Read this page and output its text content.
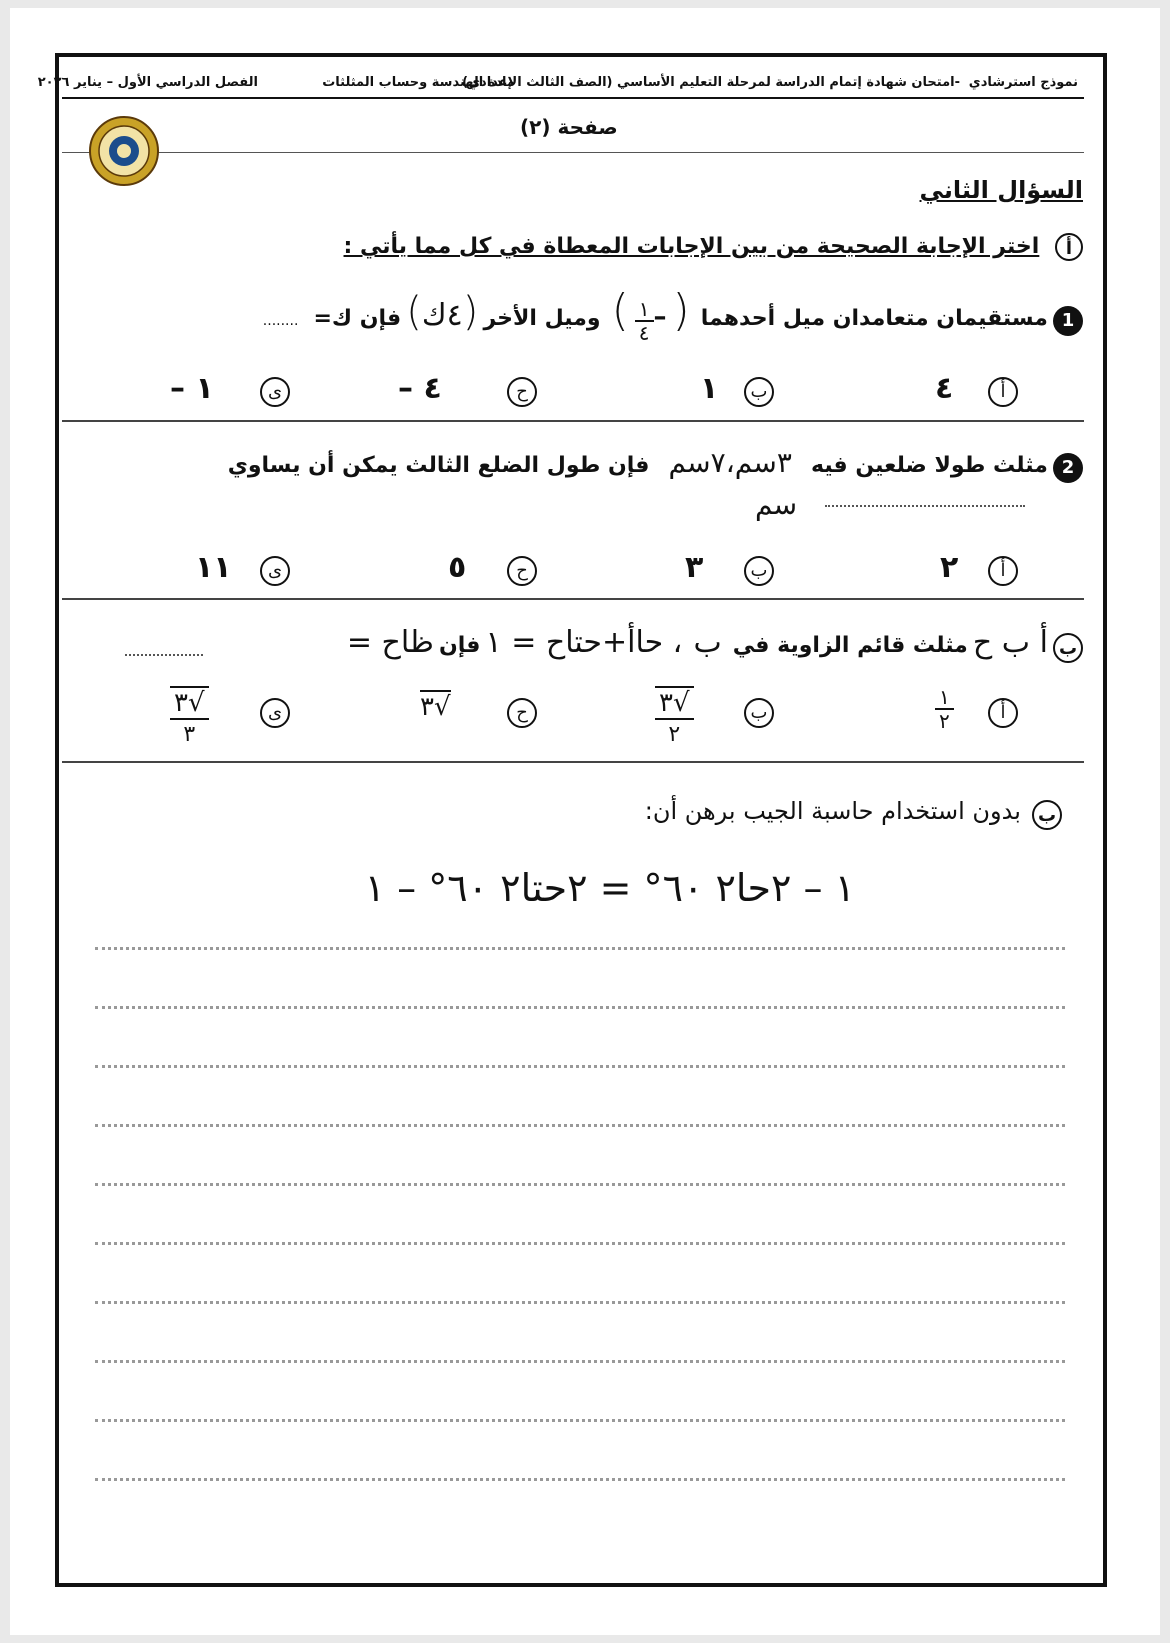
نموذج استرشادي
-امتحان شهادة إتمام الدراسة لمرحلة التعليم الأساسي (الصف الثالث الإعدادي)
مادة الهندسة وحساب المثلثات
الفصل الدراسي الأول – يناير ٢٠٢٦
صفحة (٢)
السؤال الثاني
أ اختر الإجابة الصحيحة من بين الإجابات المعطاة في كل مما يأتي :
1 مستقيمان متعامدان ميل أحدهما (–
$\frac{١}{٤}$
) وميل الأخر (٤ك) فإن ك= ........
أ
٤
ب
١
ح
– ٤
ى
– ١
2 مثلث طولا ضلعين فيه ٣سم،٧سم فإن طول الضلع الثالث يمكن أن يساوي
سم
أ
٢
ب
٣
ح
٥
ى
١١
ب أ ب ح مثلث قائم الزاوية في ب ، حاأ+حتاح = ١ فإن ظاح =
أ
١
٢
ب
٣√
٢
ح
٣√
ى
٣√
٣
ب بدون استخدام حاسبة الجيب برهن أن:
١ – ٢حا٢ ٦٠° = ٢حتا٢ ٦٠° – ١
